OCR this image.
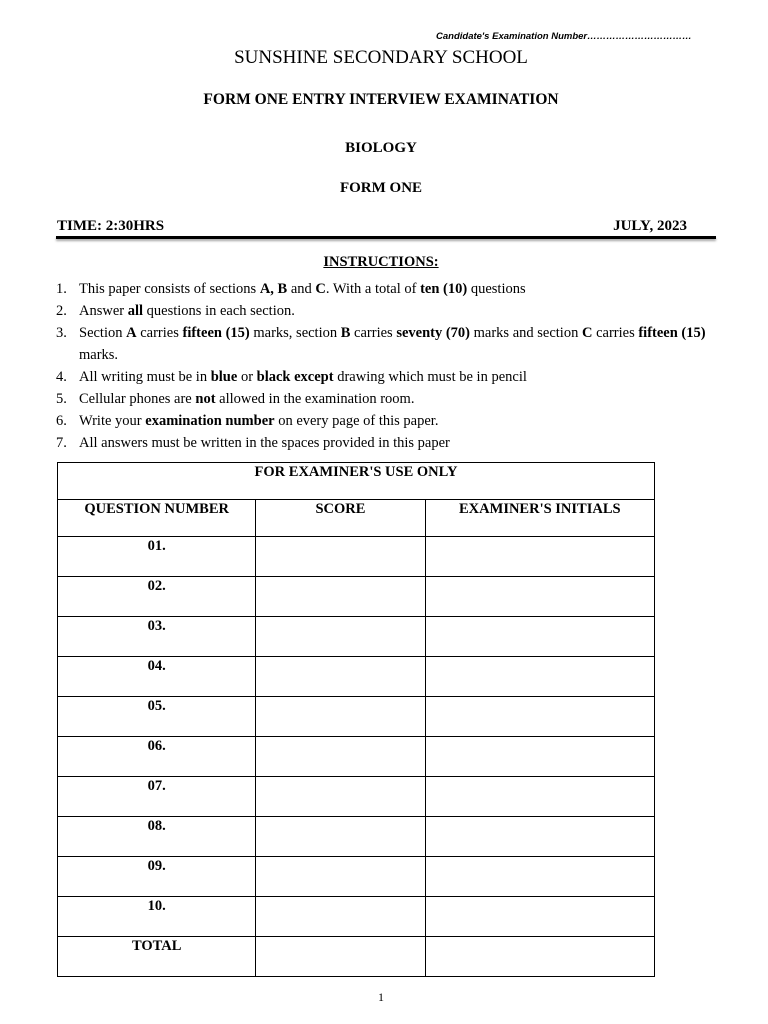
Candidate's Examination Number……………………………
SUNSHINE SECONDARY SCHOOL
FORM ONE ENTRY INTERVIEW EXAMINATION
BIOLOGY
FORM ONE
TIME: 2:30HRS	JULY, 2023
INSTRUCTIONS:
1. This paper consists of sections A, B and C. With a total of ten (10) questions
2. Answer all questions in each section.
3. Section A carries fifteen (15) marks, section B carries seventy (70) marks and section C carries fifteen (15) marks.
4. All writing must be in blue or black except drawing which must be in pencil
5. Cellular phones are not allowed in the examination room.
6. Write your examination number on every page of this paper.
7. All answers must be written in the spaces provided in this paper
FOR EXAMINER'S USE ONLY		
QUESTION NUMBER	SCORE	EXAMINER'S INITIALS
01.		
02.		
03.		
04.		
05.		
06.		
07.		
08.		
09.		
10.		
TOTAL		
1
